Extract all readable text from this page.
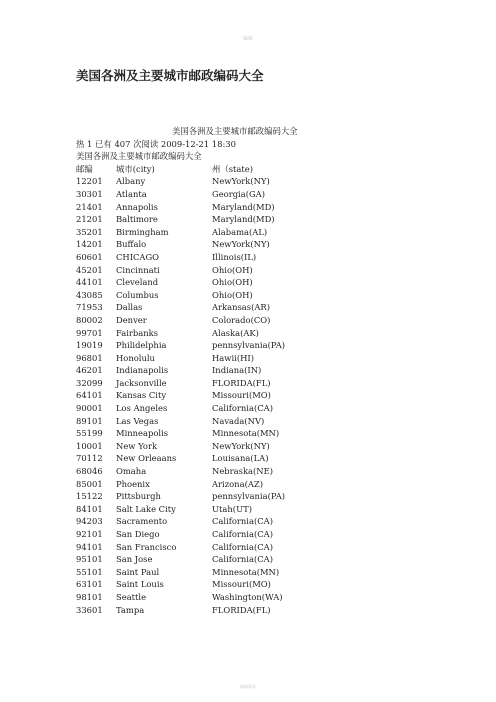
编辑
美国各洲及主要城市邮政编码大全
美国各洲及主要城市邮政编码大全
热 1 已有 407 次阅读 2009-12-21 18:30
美国各洲及主要城市邮政编码大全
邮编	城市(city)	州（state)
12201	Albany	NewYork(NY)
30301	Atlanta	Georgia(GA)
21401	Annapolis	Maryland(MD)
21201	Baltimore	Maryland(MD)
35201	Birmingham	Alabama(AL)
14201	Buffalo	NewYork(NY)
60601	CHICAGO	Illinois(IL)
45201	Cincinnati	Ohio(OH)
44101	Cleveland	Ohio(OH)
43085	Columbus	Ohio(OH)
71953	Dallas	Arkansas(AR)
80002	Denver	Colorado(CO)
99701	Fairbanks	Alaska(AK)
19019	Philidelphia	pennsylvania(PA)
96801	Honolulu	Hawii(HI)
46201	Indianapolis	Indiana(IN)
32099	Jacksonville	FLORIDA(FL)
64101	Kansas City	Missouri(MO)
90001	Los Angeles	California(CA)
89101	Las Vegas	Navada(NV)
55199	Minneapolis	Minnesota(MN)
10001	New York	NewYork(NY)
70112	New Orleaans	Louisana(LA)
68046	Omaha	Nebraska(NE)
85001	Phoenix	Arizona(AZ)
15122	Pittsburgh	pennsylvania(PA)
84101	Salt Lake City	Utah(UT)
94203	Sacramento	California(CA)
92101	San Diego	California(CA)
94101	San Francisco	California(CA)
95101	San Jose	California(CA)
55101	Saint Paul	Minnesota(MN)
63101	Saint Louis	Missouri(MO)
98101	Seattle	Washington(WA)
33601	Tampa	FLORIDA(FL)
编辑版本
